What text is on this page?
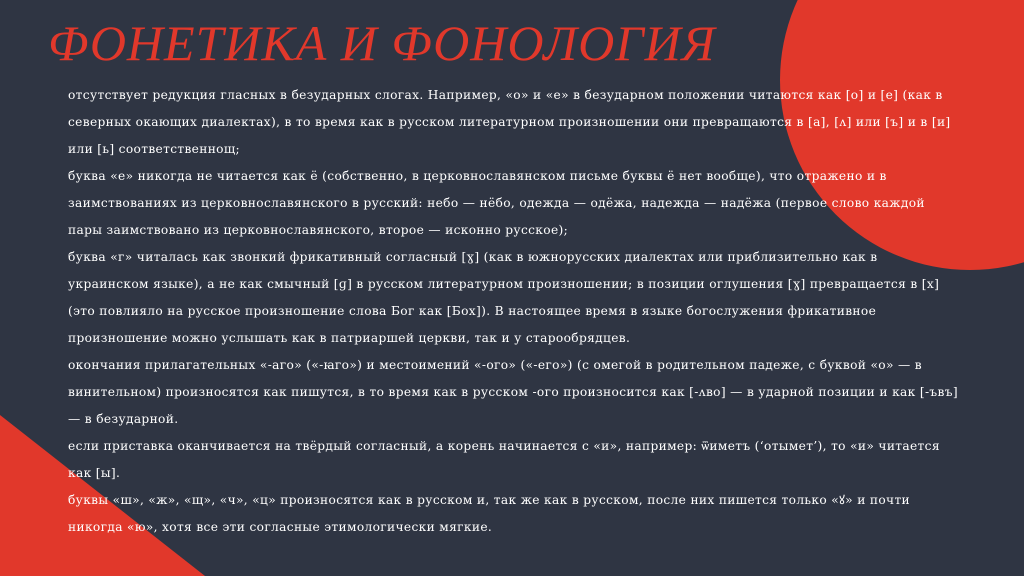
ФОНЕТИКА И ФОНОЛОГИЯ

отсутствует редукция гласных в безударных слогах. Например, «о» и «е» в безударном положении читаются как [о] и [е] (как в северных окающих диалектах), в то время как в русском литературном произношении они превращаются в [а], [ʌ] или [ъ] и в [и] или [ь] соответственнощ;

буква «е» никогда не читается как ё (собственно, в церковнославянском письме буквы ё нет вообще), что отражено и в заимствованиях из церковнославянского в русский: небо — нёбо, одежда — одёжа, надежда — надёжа (первое слово каждой пары заимствовано из церковнославянского, второе — исконно русское);

буква «г» читалась как звонкий фрикативный согласный [ɣ] (как в южнорусских диалектах или приблизительно как в украинском языке), а не как смычный [ɡ] в русском литературном произношении; в позиции оглушения [ɣ] превращается в [x] (это повлияло на русское произношение слова Бог как [Бох]). В настоящее время в языке богослужения фрикативное произношение можно услышать как в патриаршей церкви, так и у старообрядцев.

окончания прилагательных «-аго» («-ꙗго») и местоимений «-ого» («-его») (с омегой в родительном падеже, с буквой «о» — в винительном) произносятся как пишутся, в то время как в русском -ого произносится как [-ʌво] — в ударной позиции и как [-ъвъ] — в безударной.

если приставка оканчивается на твёрдый согласный, а корень начинается с «и», например: ѿиметъ (‘отымет’), то «и» читается как [ы].

буквы «ш», «ж», «щ», «ч», «ц» произносятся как в русском и, так же как в русском, после них пишется только «ꙋ» и почти никогда «ю», хотя все эти согласные этимологически мягкие.
